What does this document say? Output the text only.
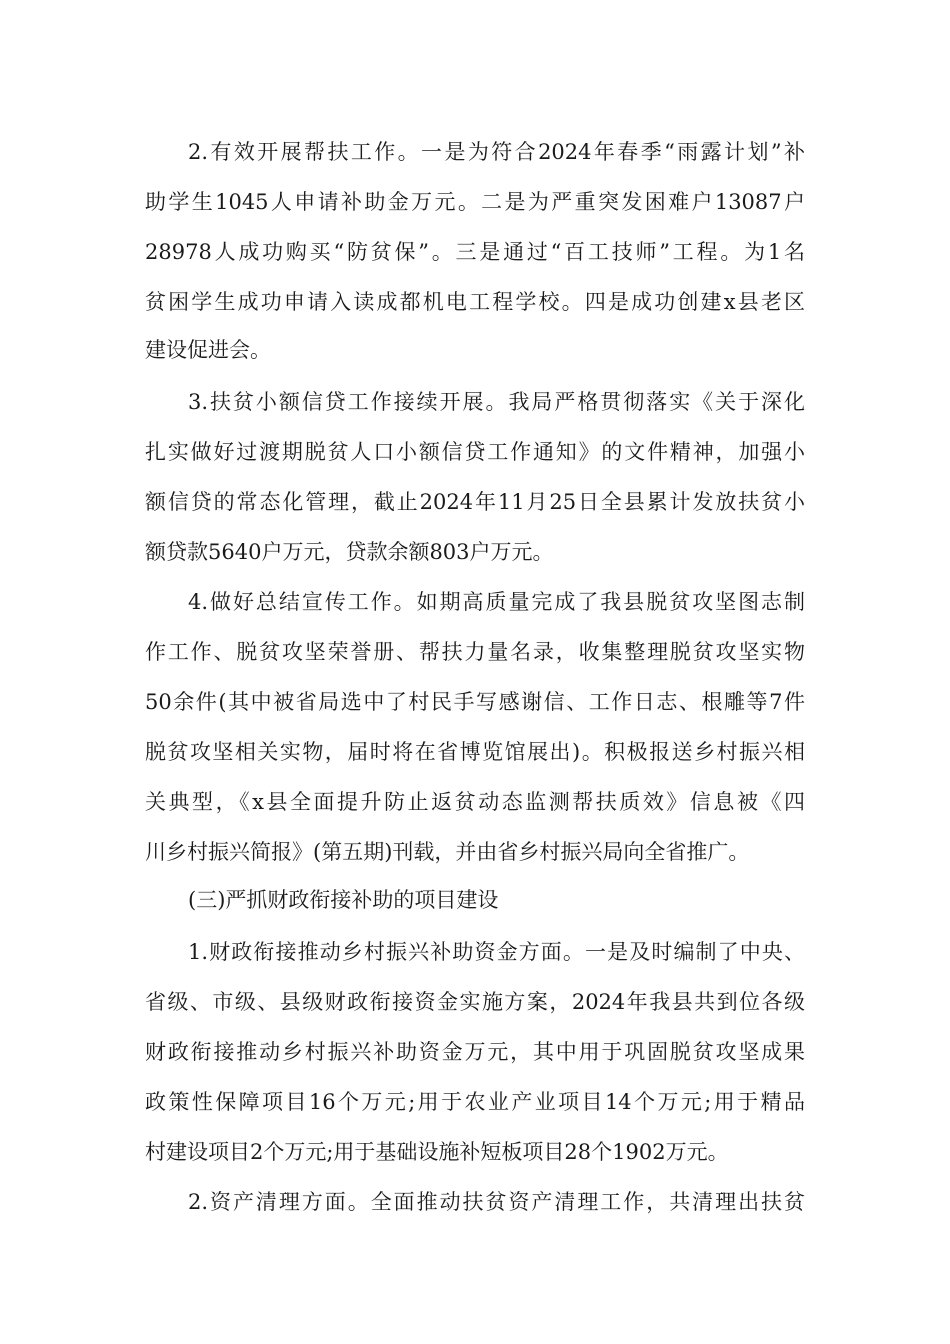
2.有效开展帮扶工作。一是为符合2024年春季“雨露计划”补
助学生1045人申请补助金万元。二是为严重突发困难户13087户
28978人成功购买“防贫保”。三是通过“百工技师”工程。为1名
贫困学生成功申请入读成都机电工程学校。四是成功创建x县老区
建设促进会。
3.扶贫小额信贷工作接续开展。我局严格贯彻落实《关于深化
扎实做好过渡期脱贫人口小额信贷工作通知》的文件精神，加强小
额信贷的常态化管理，截止2024年11月25日全县累计发放扶贫小
额贷款5640户万元，贷款余额803户万元。
4.做好总结宣传工作。如期高质量完成了我县脱贫攻坚图志制
作工作、脱贫攻坚荣誉册、帮扶力量名录，收集整理脱贫攻坚实物
50余件(其中被省局选中了村民手写感谢信、工作日志、根雕等7件
脱贫攻坚相关实物，届时将在省博览馆展出)。积极报送乡村振兴相
关典型，《x县全面提升防止返贫动态监测帮扶质效》信息被《四
川乡村振兴简报》(第五期)刊载，并由省乡村振兴局向全省推广。
(三)严抓财政衔接补助的项目建设
1.财政衔接推动乡村振兴补助资金方面。一是及时编制了中央、
省级、市级、县级财政衔接资金实施方案，2024年我县共到位各级
财政衔接推动乡村振兴补助资金万元，其中用于巩固脱贫攻坚成果
政策性保障项目16个万元;用于农业产业项目14个万元;用于精品
村建设项目2个万元;用于基础设施补短板项目28个1902万元。
2.资产清理方面。全面推动扶贫资产清理工作，共清理出扶贫
